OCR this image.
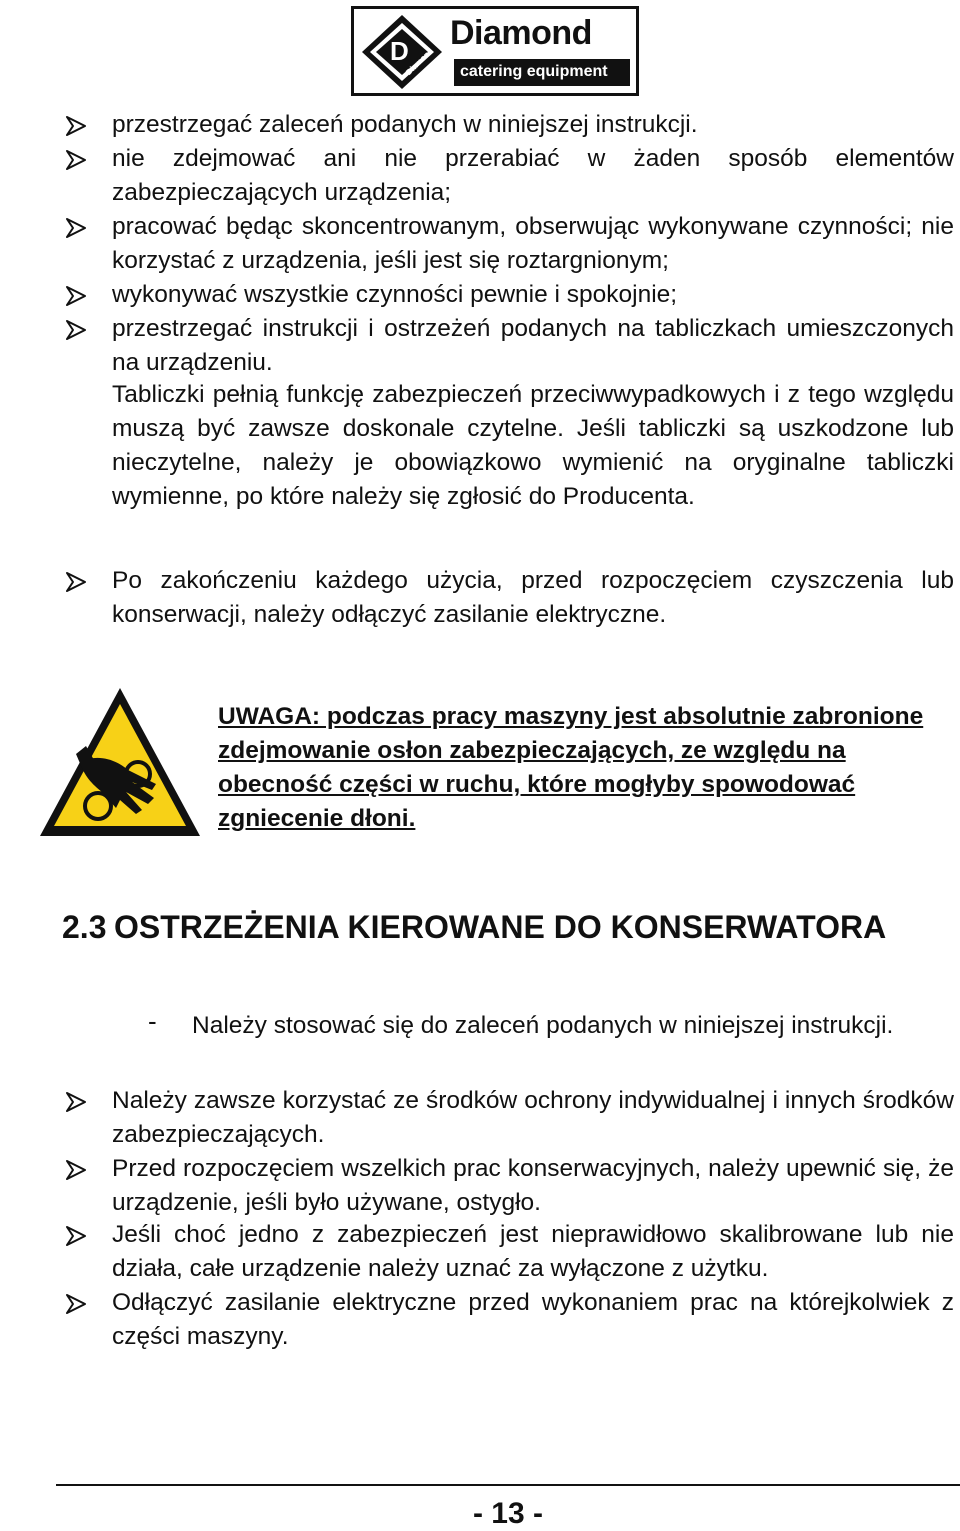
D
Diamond
Diamond
catering equipment
przestrzegać zaleceń podanych w niniejszej instrukcji.
nie zdejmować ani nie przerabiać w żaden sposób elementów zabezpieczających urządzenia;
pracować będąc skoncentrowanym, obserwując wykonywane czynności; nie korzystać z urządzenia, jeśli jest się roztargnionym;
wykonywać wszystkie czynności pewnie i spokojnie;
przestrzegać instrukcji i ostrzeżeń podanych na tabliczkach umieszczonych na urządzeniu.
Tabliczki pełnią funkcję zabezpieczeń przeciwwypadkowych i z tego względu muszą być zawsze doskonale czytelne. Jeśli tabliczki są uszkodzone lub nieczytelne, należy je obowiązkowo wymienić na oryginalne tabliczki wymienne, po które należy się zgłosić do Producenta.
Po zakończeniu każdego użycia, przed rozpoczęciem czyszczenia lub konserwacji, należy odłączyć zasilanie elektryczne.
UWAGA: podczas pracy maszyny jest absolutnie zabronione zdejmowanie osłon zabezpieczających, ze względu na obecność części w ruchu, które mogłyby spowodować zgniecenie dłoni.
2.3 OSTRZEŻENIA KIEROWANE DO KONSERWATORA
- Należy stosować się do zaleceń podanych w niniejszej instrukcji.
Należy zawsze korzystać ze środków ochrony indywidualnej i innych środków zabezpieczających.
Przed rozpoczęciem wszelkich prac konserwacyjnych, należy upewnić się, że urządzenie, jeśli było używane, ostygło.
Jeśli choć jedno z zabezpieczeń jest nieprawidłowo skalibrowane lub nie działa, całe urządzenie należy uznać za wyłączone z użytku.
Odłączyć zasilanie elektryczne przed wykonaniem prac na którejkolwiek z części maszyny.
- 13 -
